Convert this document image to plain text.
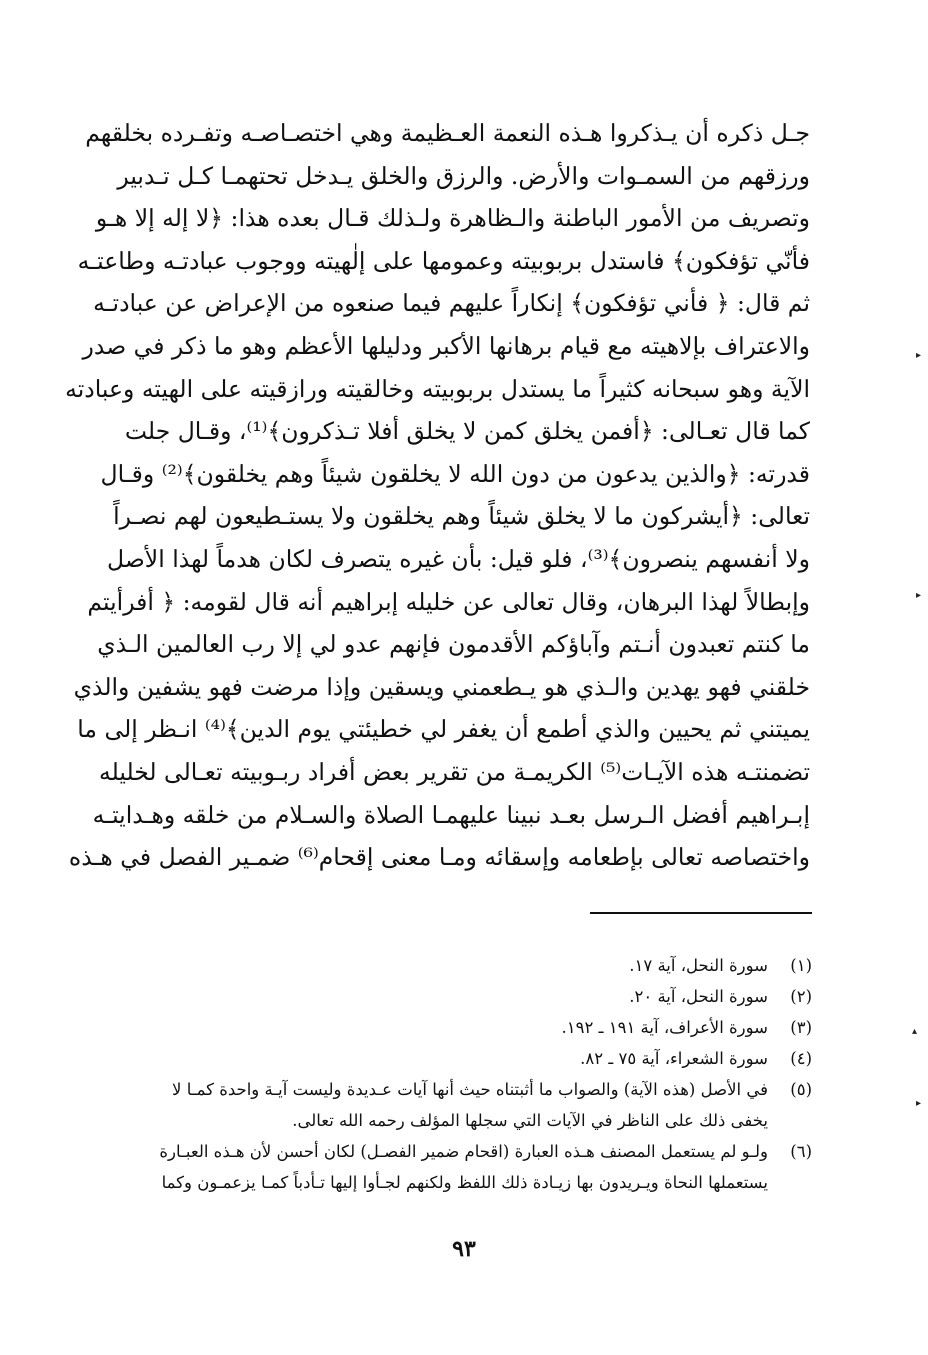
جـل ذكره أن يـذكروا هـذه النعمة العـظيمة وهي اختصـاصـه وتفـرده بخلقهم
ورزقهم من السمـوات والأرض. والرزق والخلق يـدخل تحتهمـا كـل تـدبير
وتصريف من الأمور الباطنة والـظاهرة ولـذلك قـال بعده هذا: ﴿لا إله إلا هـو
فأنّي تؤفكون﴾ فاستدل بربوبيته وعمومها على إلٰهيته ووجوب عبادتـه وطاعتـه
ثم قال: ﴿ فأني تؤفكون﴾ إنكاراً عليهم فيما صنعوه من الإعراض عن عبادتـه
والاعتراف بإلاهيته مع قيام برهانها الأكبر ودليلها الأعظم وهو ما ذكر في صدر
الآية وهو سبحانه كثيراً ما يستدل بربوبيته وخالقيته ورازقيته على الهيته وعبادته
كما قال تعـالى: ﴿أفمن يخلق كمن لا يخلق أفلا تـذكرون﴾⁽¹⁾، وقـال جلت
قدرته: ﴿والذين يدعون من دون الله لا يخلقون شيئاً وهم يخلقون﴾⁽²⁾ وقـال
تعالى: ﴿أيشركون ما لا يخلق شيئاً وهم يخلقون ولا يستـطيعون لهم نصـراً
ولا أنفسهم ينصرون﴾⁽³⁾، فلو قيل: بأن غيره يتصرف لكان هدماً لهذا الأصل
وإبطالاً لهذا البرهان، وقال تعالى عن خليله إبراهيم أنه قال لقومه: ﴿ أفرأيتم
ما كنتم تعبدون أنـتم وآباؤكم الأقدمون فإنهم عدو لي إلا رب العالمين الـذي
خلقني فهو يهدين والـذي هو يـطعمني ويسقين وإذا مرضت فهو يشفين والذي
يميتني ثم يحيين والذي أطمع أن يغفر لي خطيئتي يوم الدين﴾⁽⁴⁾ انـظر إلى ما
تضمنتـه هذه الآيـات⁽⁵⁾ الكريمـة من تقرير بعض أفراد ربـوبيته تعـالى لخليله
إبـراهيم أفضل الـرسل بعـد نبينا عليهمـا الصلاة والسـلام من خلقه وهـدايتـه
واختصاصه تعالى بإطعامه وإسقائه ومـا معنى إقحام⁽⁶⁾ ضمـير الفصل في هـذه
(١)
سورة النحل، آية ١٧.
(٢)
سورة النحل، آية ٢٠.
(٣)
سورة الأعراف، آية ١٩١ ـ ١٩٢.
(٤)
سورة الشعراء، آية ٧٥ ـ ٨٢.
(٥)
في الأصل (هذه الآية) والصواب ما أثبتناه حيث أنها آيات عـديدة وليست آيـة واحدة كمـا لا
يخفى ذلك على الناظر في الآيات التي سجلها المؤلف رحمه الله تعالى.
(٦)
ولـو لم يستعمل المصنف هـذه العبارة (اقحام ضمير الفصـل) لكان أحسن لأن هـذه العبـارة
يستعملها النحاة ويـريدون بها زيـادة ذلك اللفظ ولكنهم لجـأوا إليها تـأدباً كمـا يزعمـون وكما
٩٣
▸
▸
▴
▸
